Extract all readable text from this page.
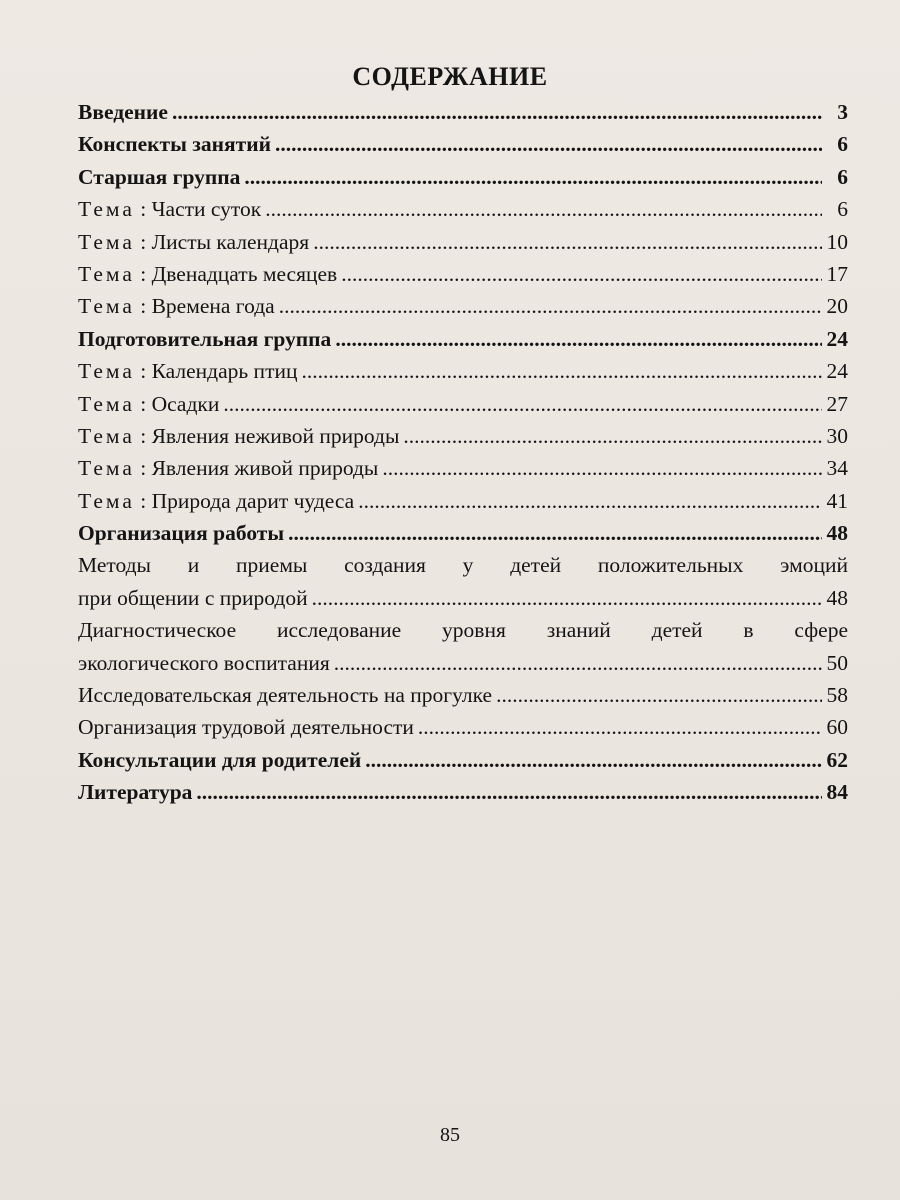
СОДЕРЖАНИЕ
Введение .....	3
Конспекты занятий .....	6
Старшая группа .....	6
Тема : Части суток .....	6
Тема : Листы календаря .....	10
Тема : Двенадцать месяцев .....	17
Тема : Времена года .....	20
Подготовительная группа .....	24
Тема : Календарь птиц .....	24
Тема : Осадки .....	27
Тема : Явления неживой природы .....	30
Тема : Явления живой природы .....	34
Тема : Природа дарит чудеса .....	41
Организация работы .....	48
Методы и приемы создания у детей положительных эмоций
при общении с природой .....	48
Диагностическое исследование уровня знаний детей в сфере
экологического воспитания .....	50
Исследовательская деятельность на прогулке .....	58
Организация трудовой деятельности .....	60
Консультации для родителей .....	62
Литература .....	84
85
